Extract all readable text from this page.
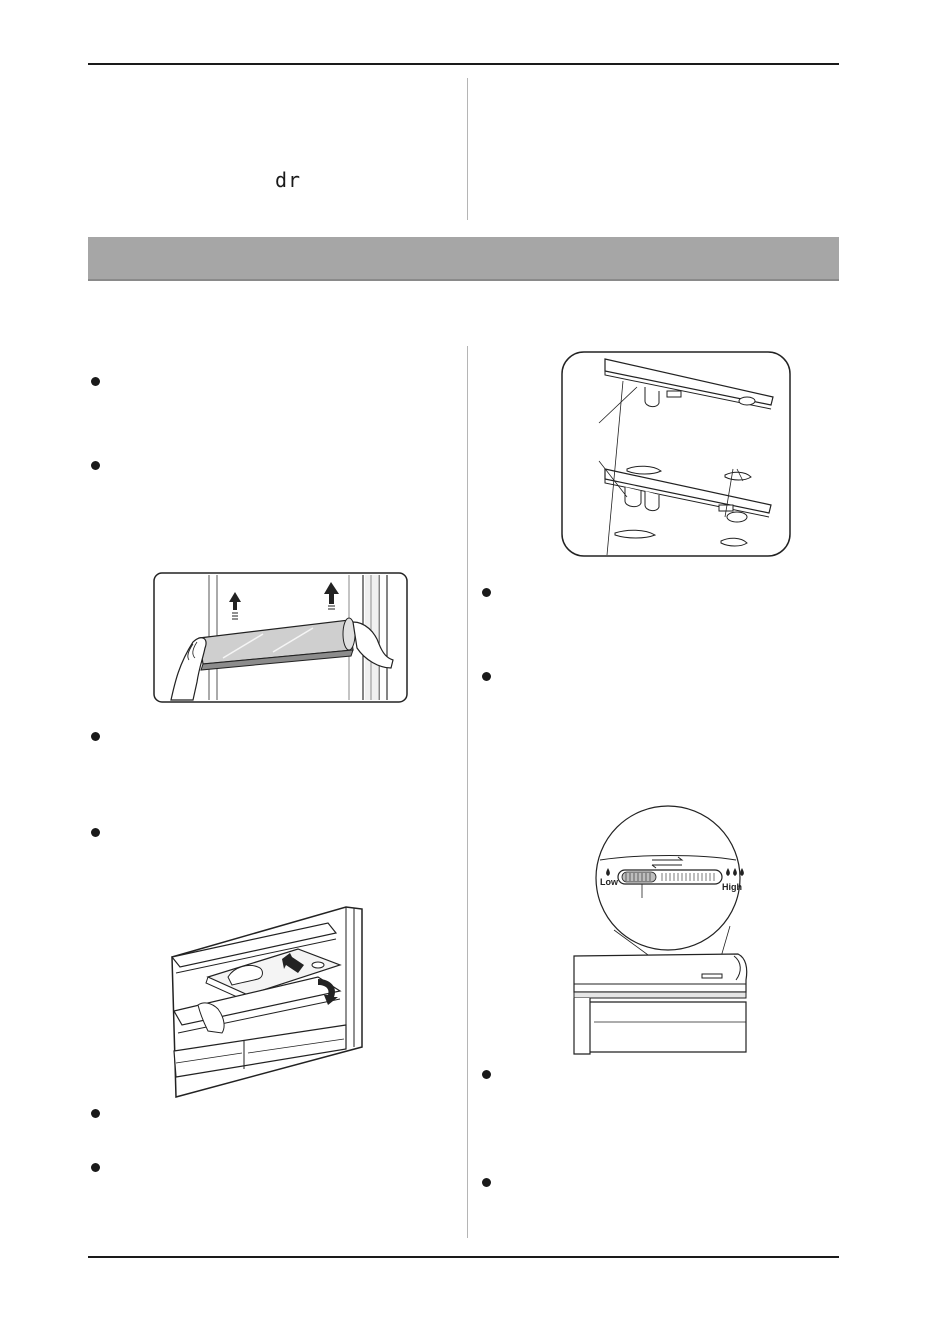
dr
Low	High
